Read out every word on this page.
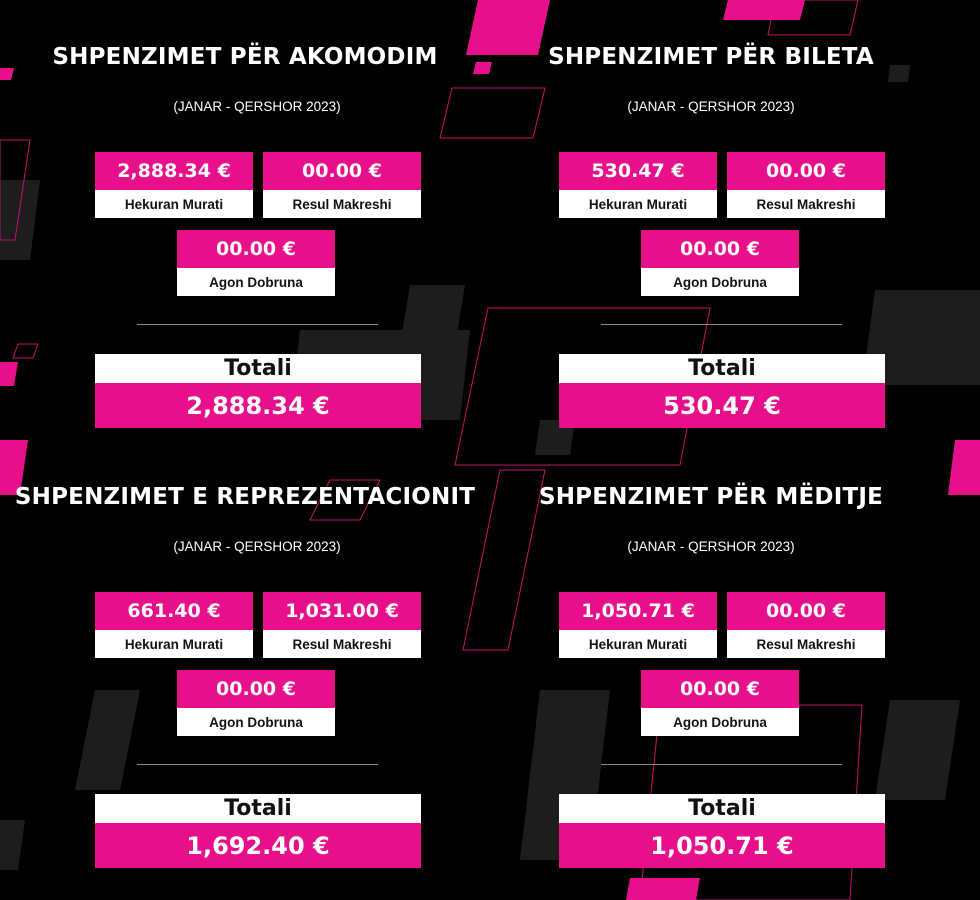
SHPENZIMET PËR AKOMODIM

(JANAR - QERSHOR 2023)

2,888.34 €
Hekuran Murati
00.00 €
Resul Makreshi
00.00 €
Agon Dobruna
Totali
2,888.34 €
SHPENZIMET PËR BILETA

(JANAR - QERSHOR 2023)

530.47 €
Hekuran Murati
00.00 €
Resul Makreshi
00.00 €
Agon Dobruna
Totali
530.47 €
SHPENZIMET E REPREZENTACIONIT

(JANAR - QERSHOR 2023)

661.40 €
Hekuran Murati
1,031.00 €
Resul Makreshi
00.00 €
Agon Dobruna
Totali
1,692.40 €
SHPENZIMET PËR MËDITJE

(JANAR - QERSHOR 2023)

1,050.71 €
Hekuran Murati
00.00 €
Resul Makreshi
00.00 €
Agon Dobruna
Totali
1,050.71 €
